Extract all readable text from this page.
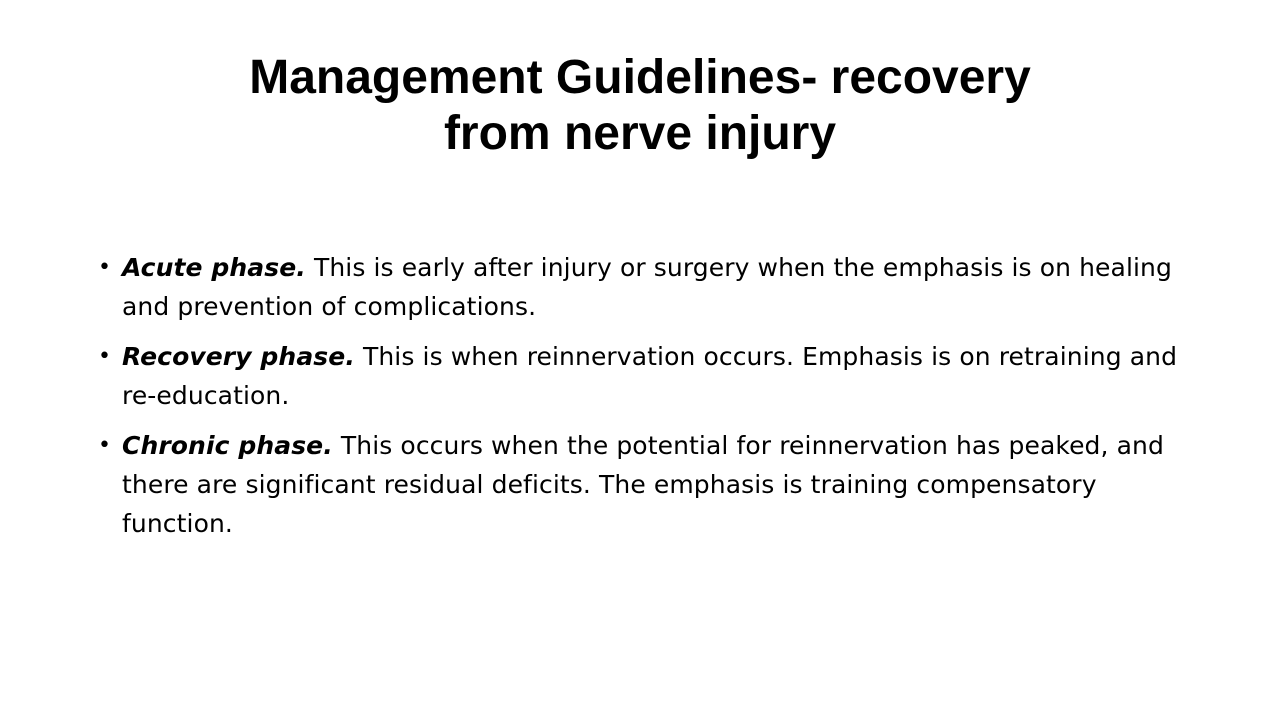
Management Guidelines- recovery
from nerve injury
• Acute phase. This is early after injury or surgery when the emphasis is on healing and prevention of complications.
• Recovery phase. This is when reinnervation occurs. Emphasis is on retraining and re-education.
• Chronic phase. This occurs when the potential for reinnervation has peaked, and there are significant residual deficits. The emphasis is training compensatory function.
